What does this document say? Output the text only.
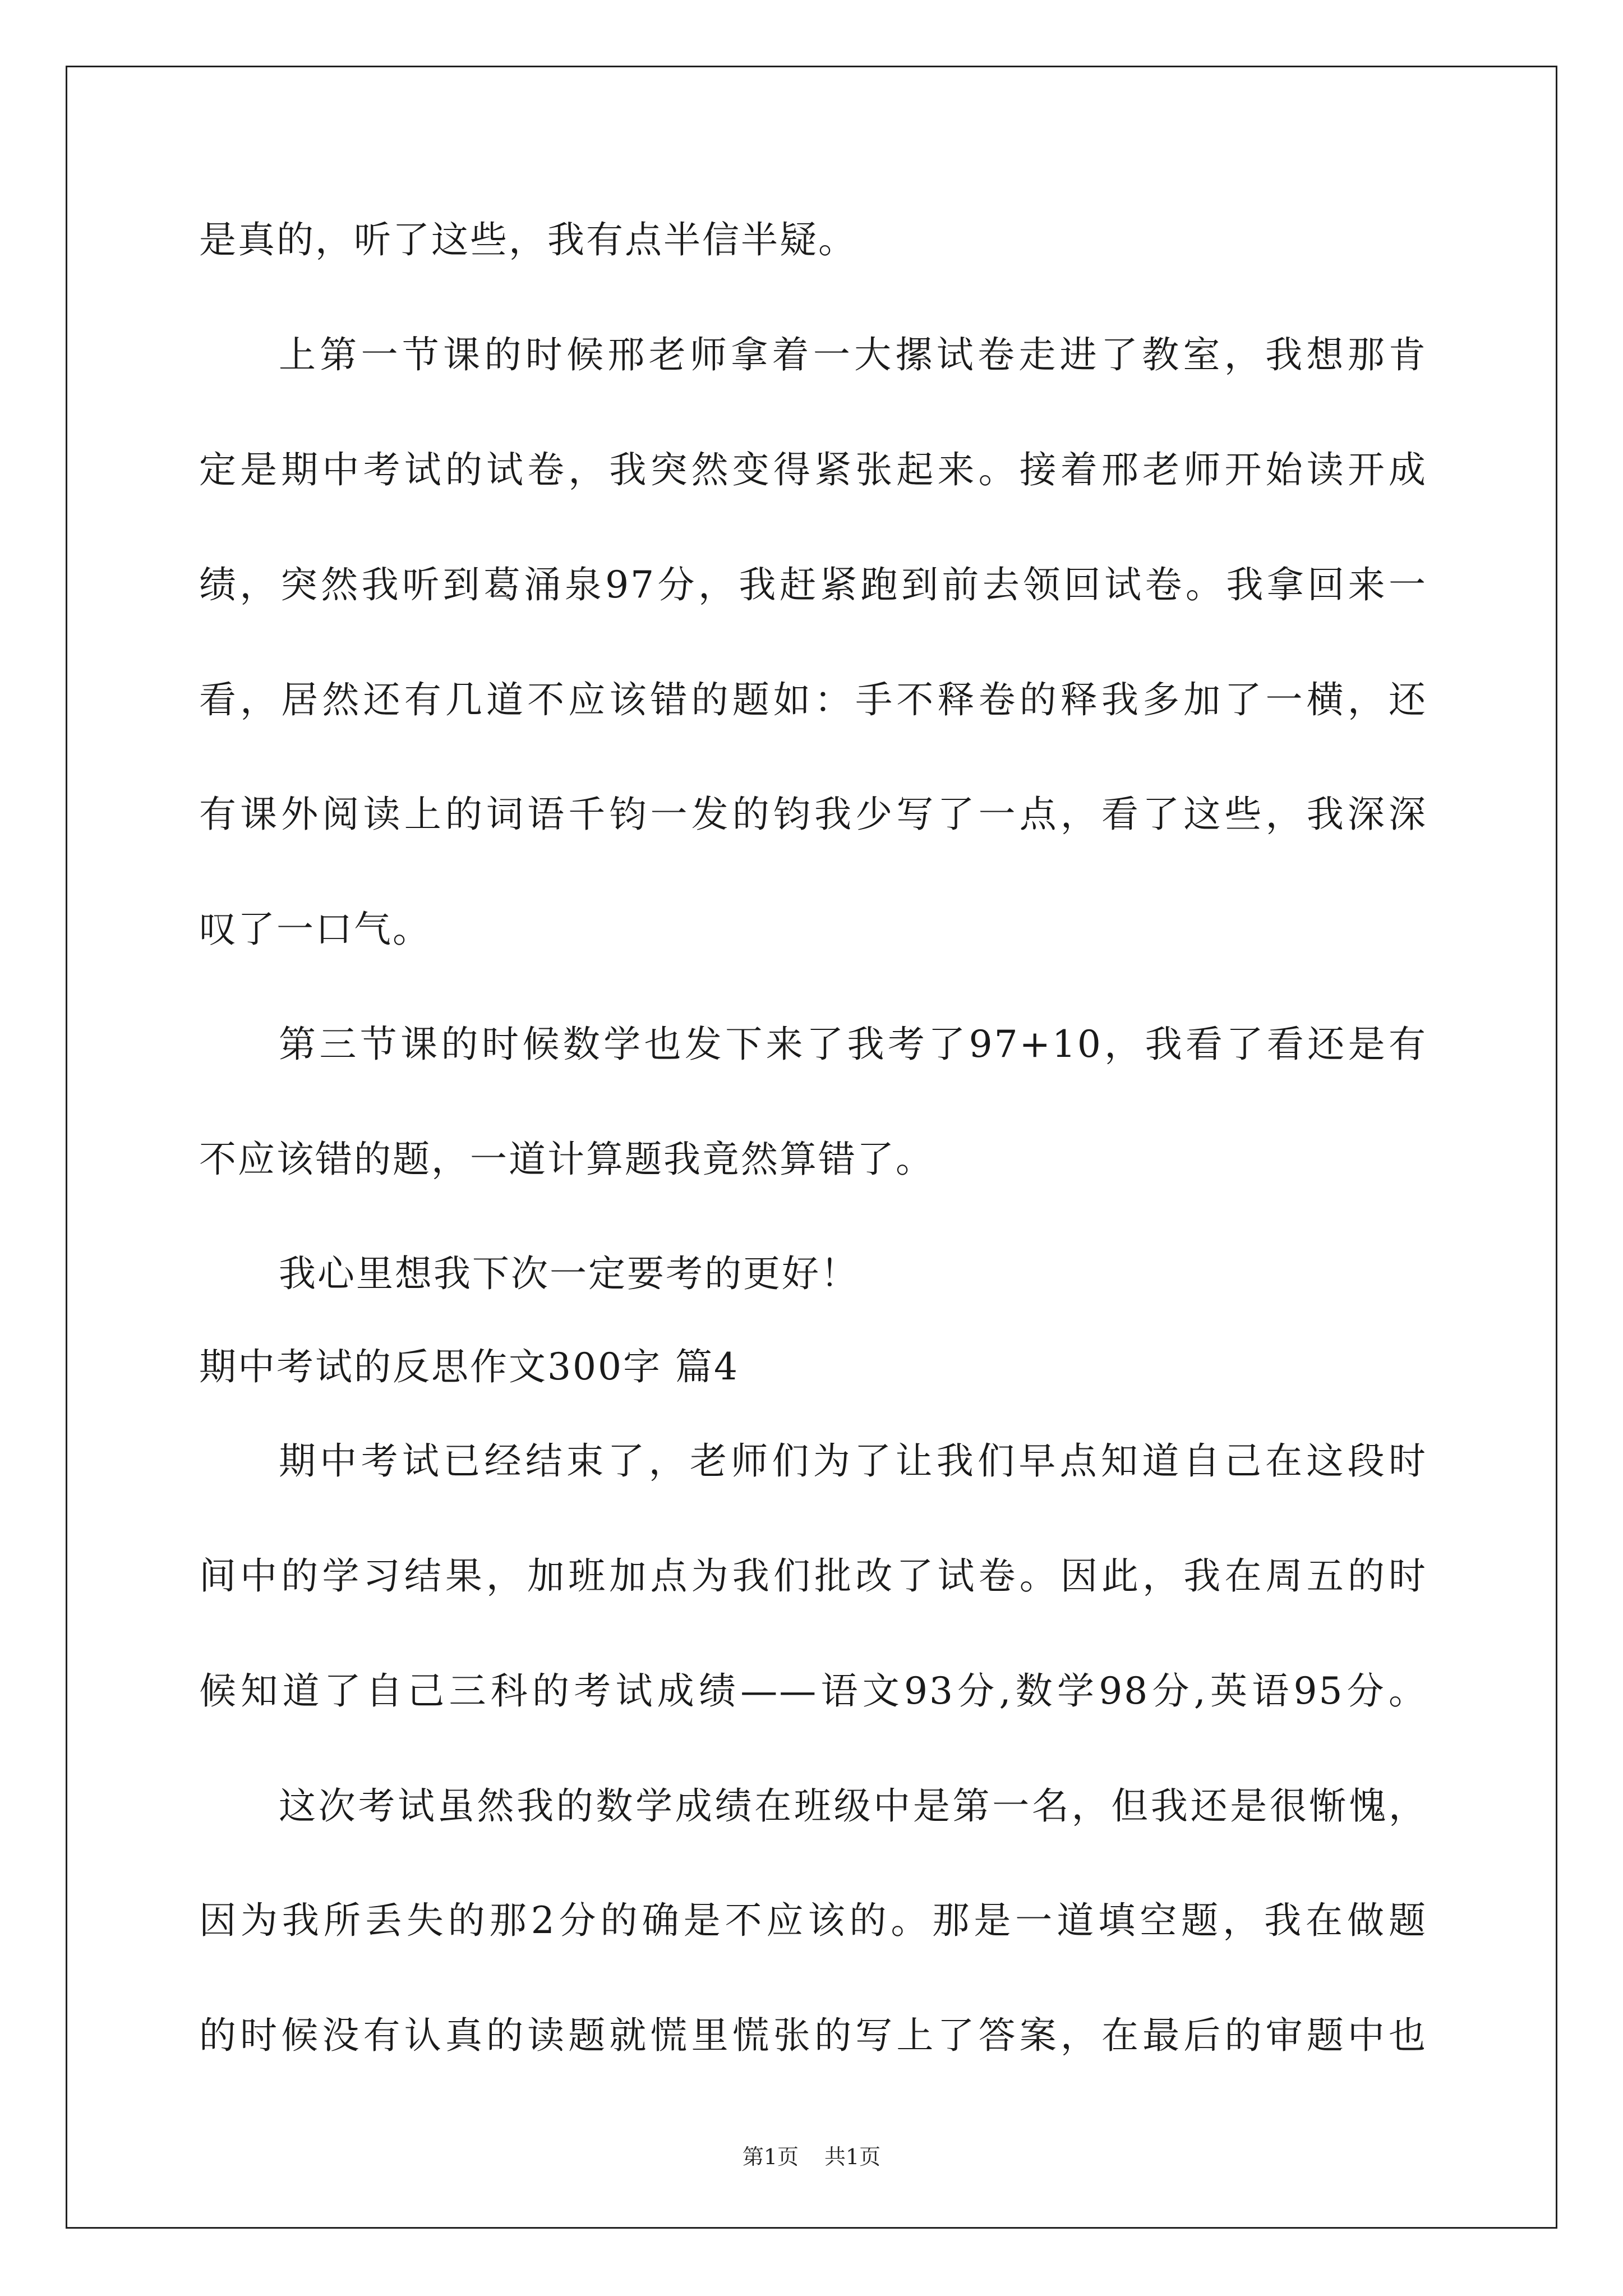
是真的，听了这些，我有点半信半疑。
上第一节课的时候邢老师拿着一大摞试卷走进了教室，我想那肯
定是期中考试的试卷，我突然变得紧张起来。接着邢老师开始读开成
绩，突然我听到葛涌泉97分，我赶紧跑到前去领回试卷。我拿回来一
看，居然还有几道不应该错的题如：手不释卷的释我多加了一横，还
有课外阅读上的词语千钧一发的钧我少写了一点，看了这些，我深深
叹了一口气。
第三节课的时候数学也发下来了我考了97+10，我看了看还是有
不应该错的题，一道计算题我竟然算错了。
我心里想我下次一定要考的更好！
期中考试的反思作文300字 篇4
期中考试已经结束了，老师们为了让我们早点知道自己在这段时
间中的学习结果，加班加点为我们批改了试卷。因此，我在周五的时
候知道了自己三科的考试成绩——语文93分,数学98分,英语95分。
这次考试虽然我的数学成绩在班级中是第一名，但我还是很惭愧，
因为我所丢失的那2分的确是不应该的。那是一道填空题，我在做题
的时候没有认真的读题就慌里慌张的写上了答案，在最后的审题中也
第1页 共1页
